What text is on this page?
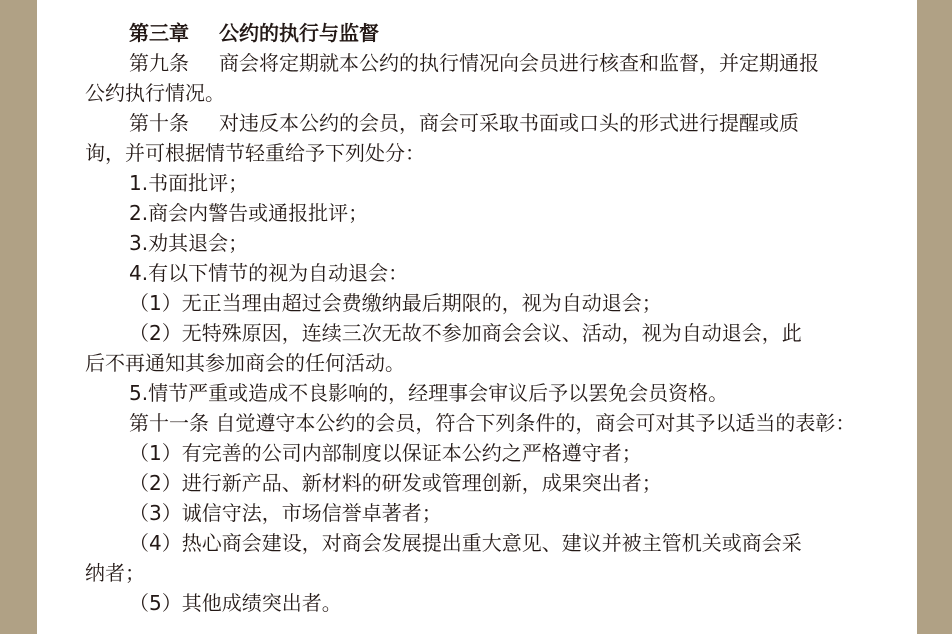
第三章 公约的执行与监督
第九条 商会将定期就本公约的执行情况向会员进行核查和监督，并定期通报
公约执行情况。
第十条 对违反本公约的会员，商会可采取书面或口头的形式进行提醒或质
询，并可根据情节轻重给予下列处分：
1.书面批评；
2.商会内警告或通报批评；
3.劝其退会；
4.有以下情节的视为自动退会：
（1）无正当理由超过会费缴纳最后期限的，视为自动退会；
（2）无特殊原因，连续三次无故不参加商会会议、活动，视为自动退会，此
后不再通知其参加商会的任何活动。
5.情节严重或造成不良影响的，经理事会审议后予以罢免会员资格。
第十一条 自觉遵守本公约的会员，符合下列条件的，商会可对其予以适当的表彰：
（1）有完善的公司内部制度以保证本公约之严格遵守者；
（2）进行新产品、新材料的研发或管理创新，成果突出者；
（3）诚信守法，市场信誉卓著者；
（4）热心商会建设，对商会发展提出重大意见、建议并被主管机关或商会采
纳者；
（5）其他成绩突出者。
